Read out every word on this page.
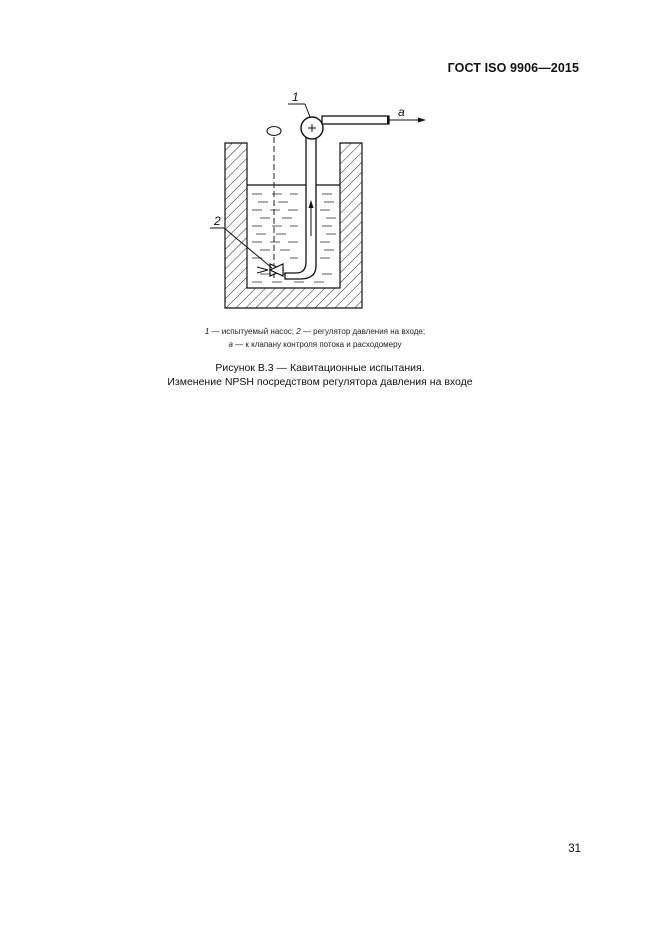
ГОСТ ISO 9906—2015
a
1
2
1 — испытуемый насос; 2 — регулятор давления на входе;
а — к клапану контроля потока и расходомеру
Рисунок В.3 — Кавитационные испытания.
Изменение NPSH посредством регулятора давления на входе
31
